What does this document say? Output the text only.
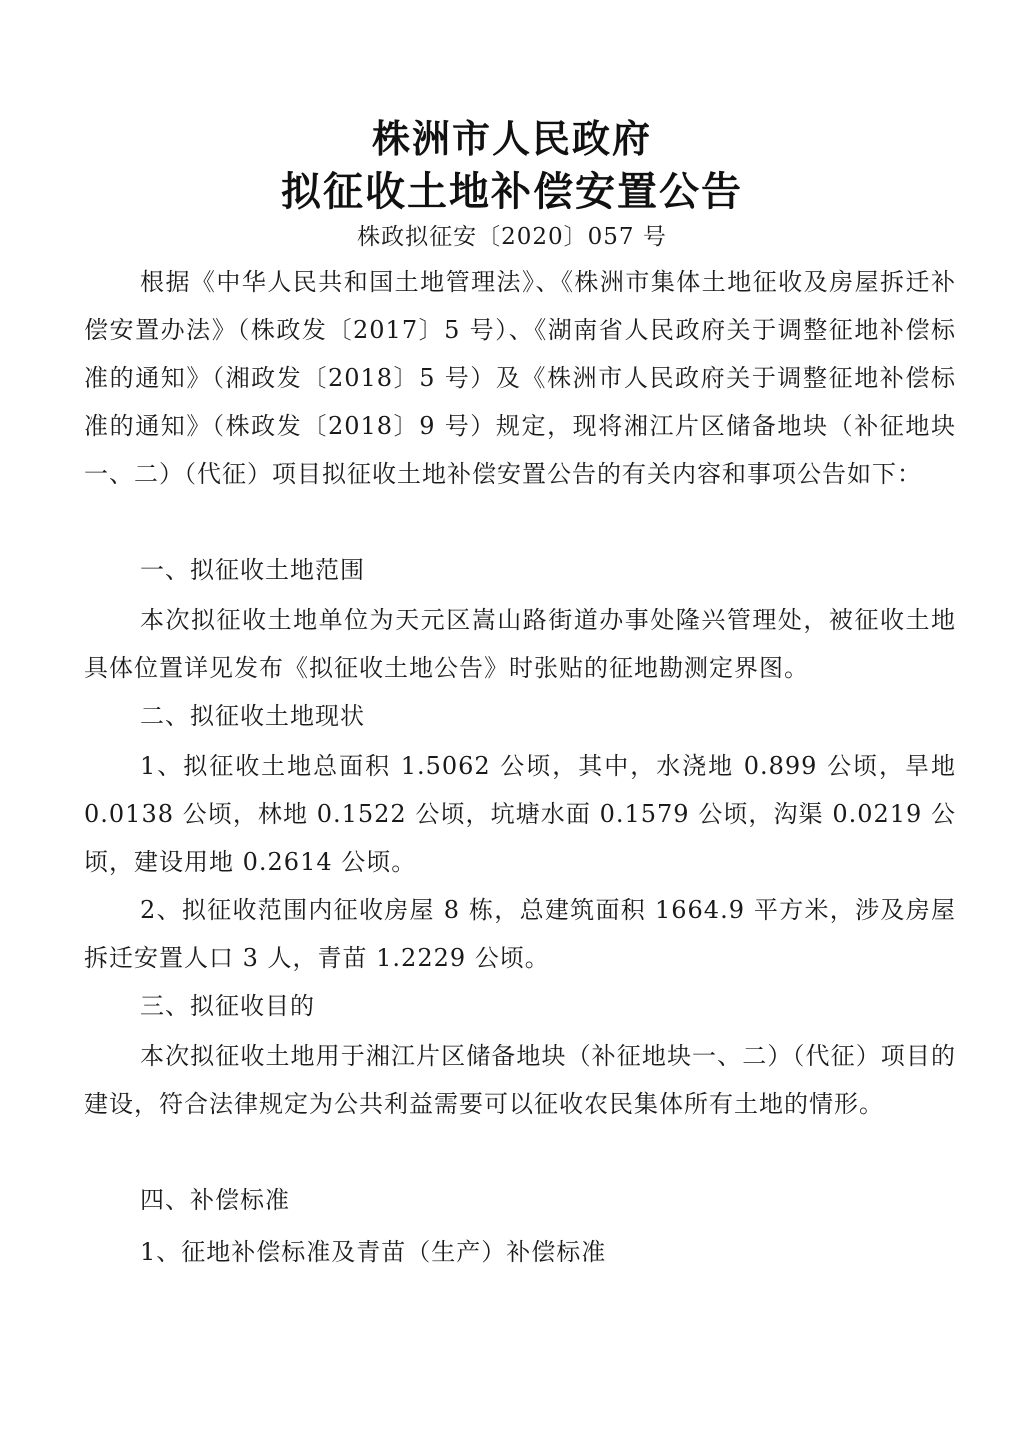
株洲市人民政府
拟征收土地补偿安置公告
株政拟征安〔2020〕057 号

根据《中华人民共和国土地管理法》、《株洲市集体土地征收及房屋拆迁补偿安置办法》（株政发〔2017〕5 号）、《湖南省人民政府关于调整征地补偿标准的通知》（湘政发〔2018〕5 号）及《株洲市人民政府关于调整征地补偿标准的通知》（株政发〔2018〕9 号）规定，现将湘江片区储备地块（补征地块一、二）（代征）项目拟征收土地补偿安置公告的有关内容和事项公告如下：

一、拟征收土地范围

本次拟征收土地单位为天元区嵩山路街道办事处隆兴管理处，被征收土地具体位置详见发布《拟征收土地公告》时张贴的征地勘测定界图。

二、拟征收土地现状

1、拟征收土地总面积 1.5062 公顷，其中，水浇地 0.899 公顷，旱地 0.0138 公顷，林地 0.1522 公顷，坑塘水面 0.1579 公顷，沟渠 0.0219 公顷，建设用地 0.2614 公顷。

2、拟征收范围内征收房屋 8 栋，总建筑面积 1664.9 平方米，涉及房屋拆迁安置人口 3 人，青苗 1.2229 公顷。

三、拟征收目的

本次拟征收土地用于湘江片区储备地块（补征地块一、二）（代征）项目的建设，符合法律规定为公共利益需要可以征收农民集体所有土地的情形。

四、补偿标准

1、征地补偿标准及青苗（生产）补偿标准
